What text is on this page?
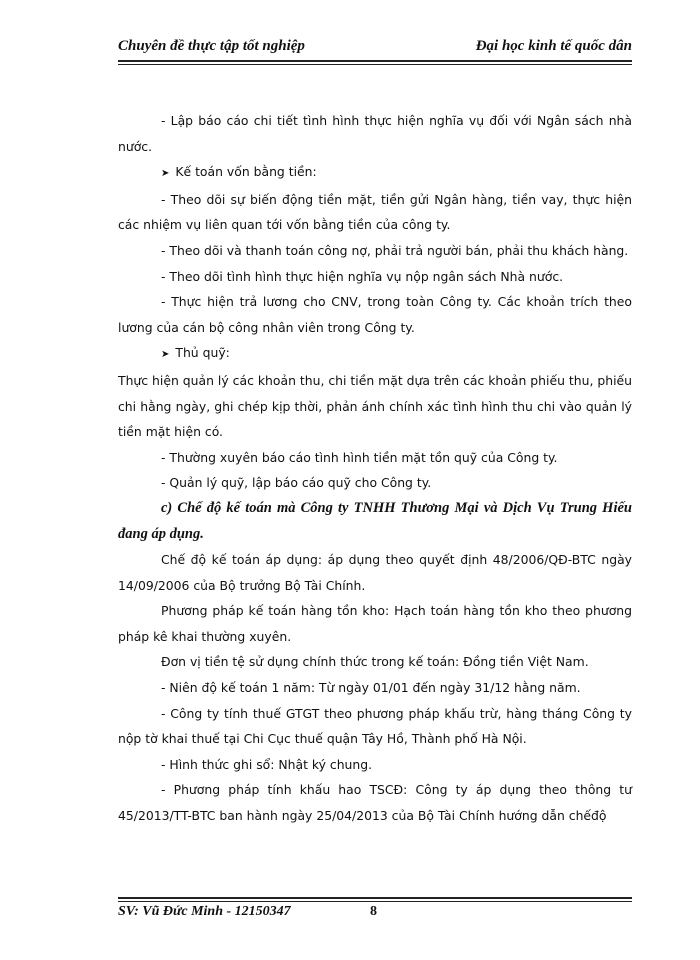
Chuyên đề thực tập tốt nghiệp	Đại học kinh tế quốc dân

- Lập báo cáo chi tiết tình hình thực hiện nghĩa vụ đối với Ngân sách nhà nước.

➤ Kế toán vốn bằng tiền:

- Theo dõi sự biến động tiền mặt, tiền gửi Ngân hàng, tiền vay, thực hiện các nhiệm vụ liên quan tới vốn bằng tiền của công ty.

- Theo dõi và thanh toán công nợ, phải trả người bán, phải thu khách hàng.

- Theo dõi tình hình thực hiện nghĩa vụ nộp ngân sách Nhà nước.

- Thực hiện trả lương cho CNV, trong toàn Công ty. Các khoản trích theo lương của cán bộ công nhân viên trong Công ty.

➤ Thủ quỹ:

Thực hiện quản lý các khoản thu, chi tiền mặt dựa trên các khoản phiếu thu, phiếu chi hằng ngày, ghi chép kịp thời, phản ánh chính xác tình hình thu chi vào quản lý tiền mặt hiện có.

- Thường xuyên báo cáo tình hình tiền mặt tồn quỹ của Công ty.

- Quản lý quỹ, lập báo cáo quỹ cho Công ty.

c) Chế độ kế toán mà Công ty TNHH Thương Mại và Dịch Vụ Trung Hiếu đang áp dụng.

Chế độ kế toán áp dụng: áp dụng theo quyết định 48/2006/QĐ-BTC ngày 14/09/2006 của Bộ trưởng Bộ Tài Chính.

Phương pháp kế toán hàng tồn kho: Hạch toán hàng tồn kho theo phương pháp kê khai thường xuyên.

Đơn vị tiền tệ sử dụng chính thức trong kế toán: Đồng tiền Việt Nam.

- Niên độ kế toán 1 năm: Từ ngày 01/01 đến ngày 31/12 hằng năm.

- Công ty tính thuế GTGT theo phương pháp khấu trừ, hàng tháng Công ty nộp tờ khai thuế tại Chi Cục thuế quận Tây Hồ, Thành phố Hà Nội.

- Hình thức ghi sổ: Nhật ký chung.

- Phương pháp tính khấu hao TSCĐ: Công ty áp dụng theo thông tư 45/2013/TT-BTC ban hành ngày 25/04/2013 của Bộ Tài Chính hướng dẫn chếđộ

SV: Vũ Đức Minh - 12150347	8
